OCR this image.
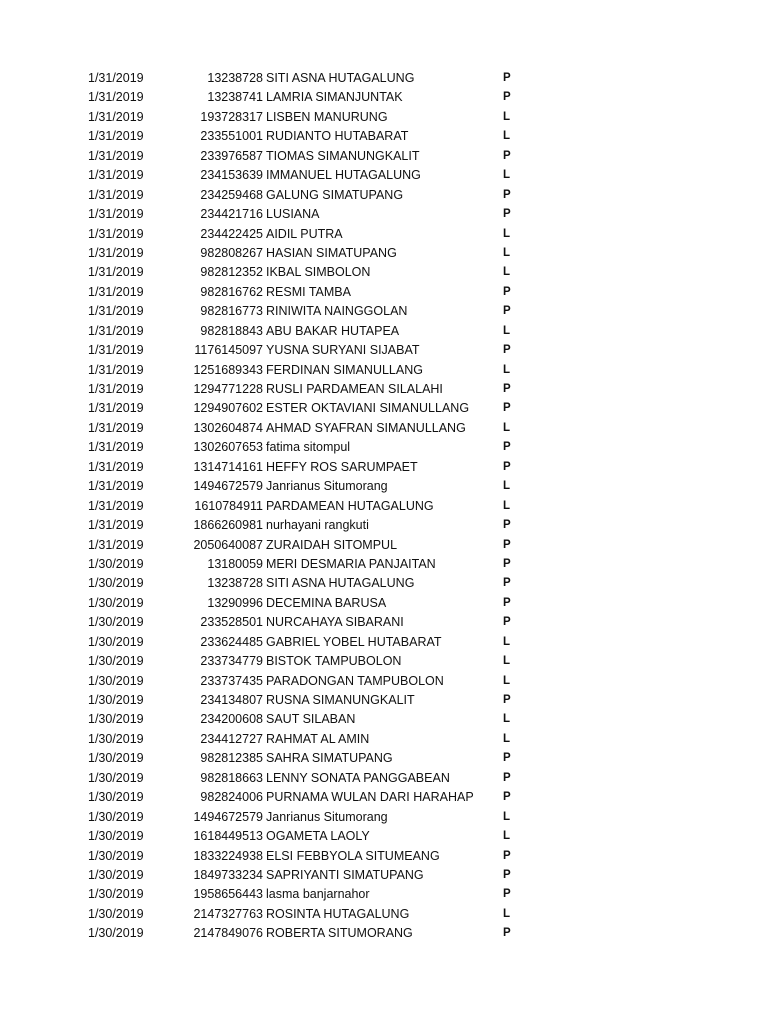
1/31/2019	13238728 SITI ASNA HUTAGALUNG	P
1/31/2019	13238741 LAMRIA SIMANJUNTAK	P
1/31/2019	193728317 LISBEN MANURUNG	L
1/31/2019	233551001 RUDIANTO HUTABARAT	L
1/31/2019	233976587 TIOMAS SIMANUNGKALIT	P
1/31/2019	234153639 IMMANUEL HUTAGALUNG	L
1/31/2019	234259468 GALUNG SIMATUPANG	P
1/31/2019	234421716 LUSIANA	P
1/31/2019	234422425 AIDIL PUTRA	L
1/31/2019	982808267 HASIAN SIMATUPANG	L
1/31/2019	982812352 IKBAL SIMBOLON	L
1/31/2019	982816762 RESMI TAMBA	P
1/31/2019	982816773 RINIWITA NAINGGOLAN	P
1/31/2019	982818843 ABU BAKAR HUTAPEA	L
1/31/2019	1176145097 YUSNA SURYANI SIJABAT	P
1/31/2019	1251689343 FERDINAN SIMANULLANG	L
1/31/2019	1294771228 RUSLI PARDAMEAN SILALAHI	P
1/31/2019	1294907602 ESTER OKTAVIANI SIMANULLANG	P
1/31/2019	1302604874 AHMAD SYAFRAN SIMANULLANG	L
1/31/2019	1302607653 fatima sitompul	P
1/31/2019	1314714161 HEFFY ROS SARUMPAET	P
1/31/2019	1494672579 Janrianus Situmorang	L
1/31/2019	1610784911 PARDAMEAN HUTAGALUNG	L
1/31/2019	1866260981 nurhayani rangkuti	P
1/31/2019	2050640087 ZURAIDAH SITOMPUL	P
1/30/2019	13180059 MERI DESMARIA PANJAITAN	P
1/30/2019	13238728 SITI ASNA HUTAGALUNG	P
1/30/2019	13290996 DECEMINA BARUSA	P
1/30/2019	233528501 NURCAHAYA SIBARANI	P
1/30/2019	233624485 GABRIEL YOBEL HUTABARAT	L
1/30/2019	233734779 BISTOK TAMPUBOLON	L
1/30/2019	233737435 PARADONGAN TAMPUBOLON	L
1/30/2019	234134807 RUSNA SIMANUNGKALIT	P
1/30/2019	234200608 SAUT SILABAN	L
1/30/2019	234412727 RAHMAT AL AMIN	L
1/30/2019	982812385 SAHRA SIMATUPANG	P
1/30/2019	982818663 LENNY SONATA PANGGABEAN	P
1/30/2019	982824006 PURNAMA WULAN DARI HARAHAP	P
1/30/2019	1494672579 Janrianus Situmorang	L
1/30/2019	1618449513 OGAMETA LAOLY	L
1/30/2019	1833224938 ELSI FEBBYOLA SITUMEANG	P
1/30/2019	1849733234 SAPRIYANTI SIMATUPANG	P
1/30/2019	1958656443 lasma banjarnahor	P
1/30/2019	2147327763 ROSINTA HUTAGALUNG	L
1/30/2019	2147849076 ROBERTA SITUMORANG	P
